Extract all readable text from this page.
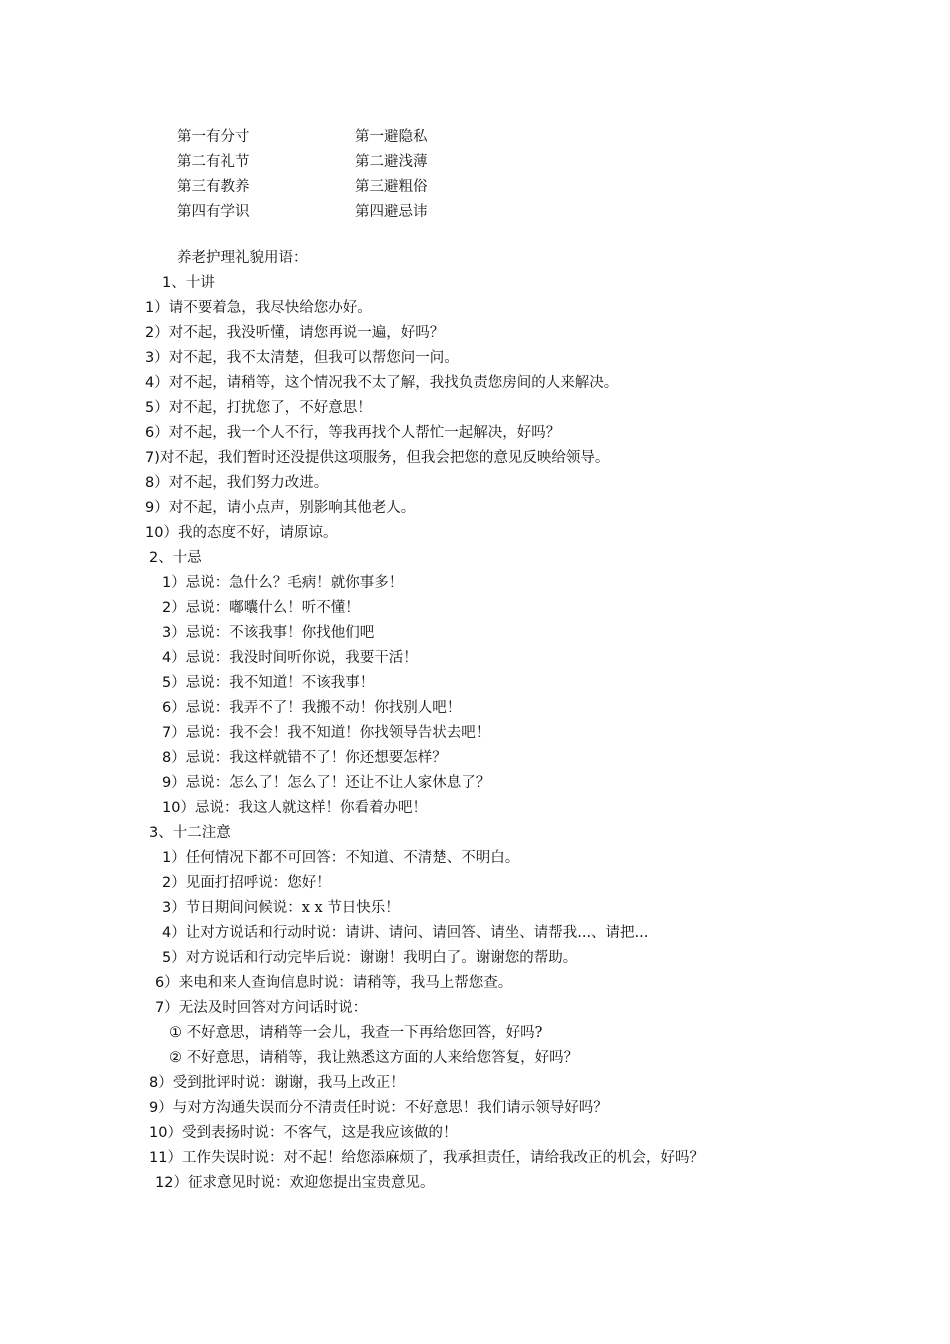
第一有分寸	第一避隐私
第二有礼节	第二避浅薄
第三有教养	第三避粗俗
第四有学识	第四避忌讳
养老护理礼貌用语：
1、十讲
1）请不要着急，我尽快给您办好。
2）对不起，我没听懂，请您再说一遍，好吗？
3）对不起，我不太清楚，但我可以帮您问一问。
4）对不起，请稍等，这个情况我不太了解，我找负责您房间的人来解决。
5）对不起，打扰您了，不好意思！
6）对不起，我一个人不行，等我再找个人帮忙一起解决，好吗？
7)对不起，我们暂时还没提供这项服务，但我会把您的意见反映给领导。
8）对不起，我们努力改进。
9）对不起，请小点声，别影响其他老人。
10）我的态度不好，请原谅。
2、十忌
1）忌说：急什么？毛病！就你事多！
2）忌说：嘟囔什么！听不懂！
3）忌说：不该我事！你找他们吧
4）忌说：我没时间听你说，我要干活！
5）忌说：我不知道！不该我事！
6）忌说：我弄不了！我搬不动！你找别人吧！
7）忌说：我不会！我不知道！你找领导告状去吧！
8）忌说：我这样就错不了！你还想要怎样？
9）忌说：怎么了！怎么了！还让不让人家休息了？
10）忌说：我这人就这样！你看着办吧！
3、十二注意
1）任何情况下都不可回答：不知道、不清楚、不明白。
2）见面打招呼说：您好！
3）节日期间问候说：x x 节日快乐！
4）让对方说话和行动时说：请讲、请问、请回答、请坐、请帮我...、请把...
5）对方说话和行动完毕后说：谢谢！我明白了。谢谢您的帮助。
6）来电和来人查询信息时说：请稍等，我马上帮您查。
7）无法及时回答对方问话时说：
① 不好意思，请稍等一会儿，我查一下再给您回答，好吗?
② 不好意思，请稍等，我让熟悉这方面的人来给您答复，好吗？
8）受到批评时说：谢谢，我马上改正！
9）与对方沟通失误而分不清责任时说：不好意思！我们请示领导好吗？
10）受到表扬时说：不客气，这是我应该做的！
11）工作失误时说：对不起！给您添麻烦了，我承担责任，请给我改正的机会，好吗？
12）征求意见时说：欢迎您提出宝贵意见。
